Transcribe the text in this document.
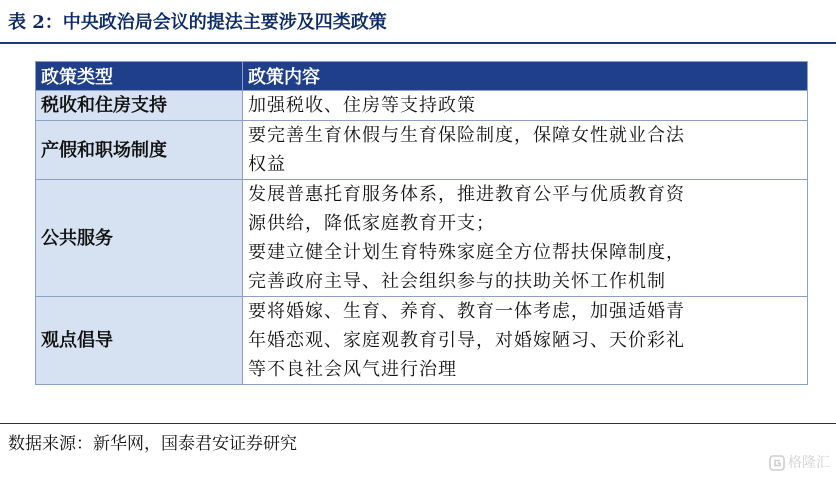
表 2：中央政治局会议的提法主要涉及四类政策
政策类型	政策内容
税收和住房支持	加强税收、住房等支持政策

产假和职场制度	要完善生育休假与生育保险制度，保障女性就业合法
权益

公共服务	发展普惠托育服务体系，推进教育公平与优质教育资
源供给，降低家庭教育开支；
要建立健全计划生育特殊家庭全方位帮扶保障制度，
完善政府主导、社会组织参与的扶助关怀工作机制

观点倡导	要将婚嫁、生育、养育、教育一体考虑，加强适婚青
年婚恋观、家庭观教育引导，对婚嫁陋习、天价彩礼
等不良社会风气进行治理
数据来源：新华网，国泰君安证券研究
格隆汇
